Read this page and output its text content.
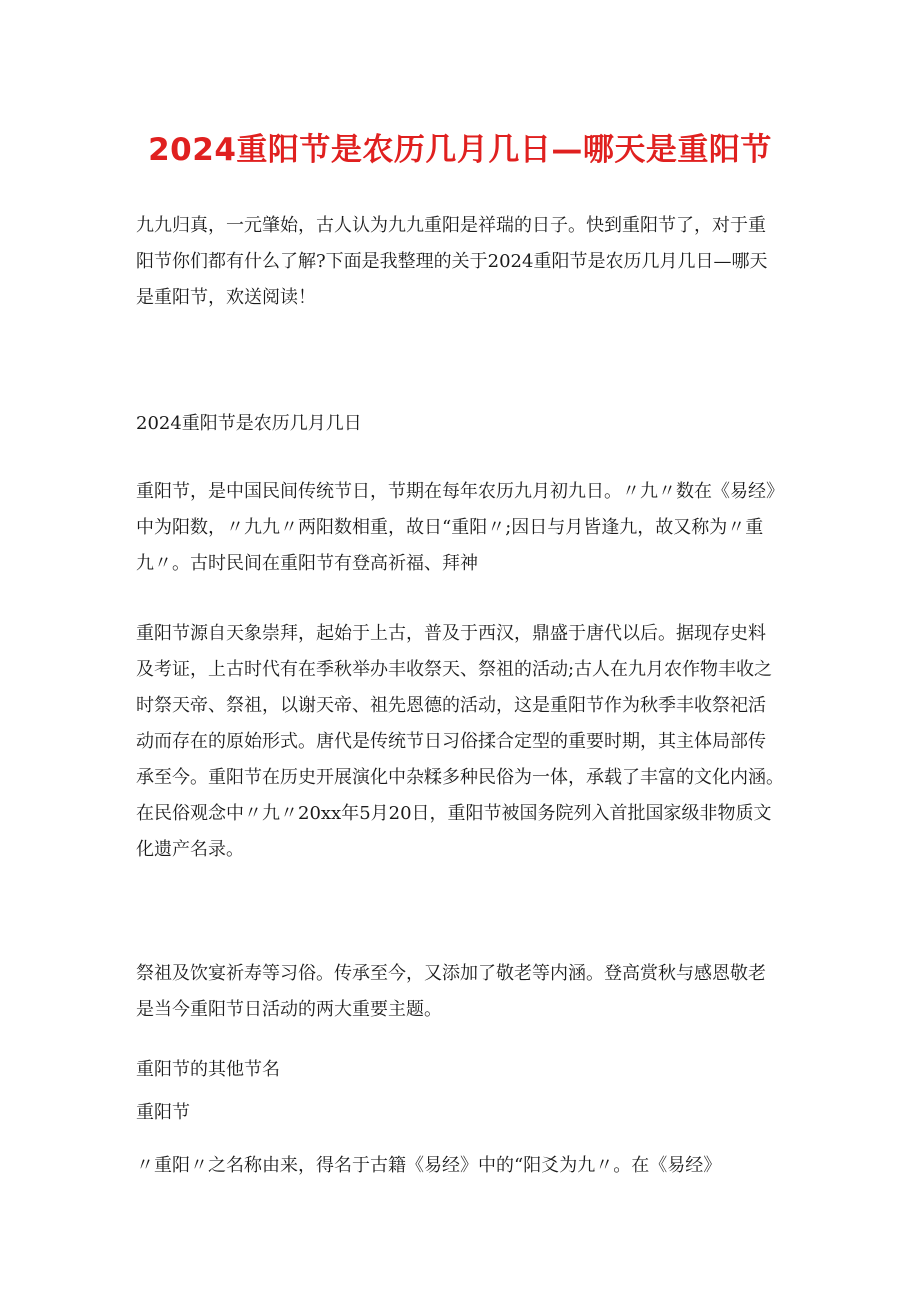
2024重阳节是农历几月几日—哪天是重阳节

九九归真，一元肇始，古人认为九九重阳是祥瑞的日子。快到重阳节了，对于重
阳节你们都有什么了解?下面是我整理的关于2024重阳节是农历几月几日—哪天
是重阳节，欢送阅读！

2024重阳节是农历几月几日

重阳节，是中国民间传统节日，节期在每年农历九月初九日。〃九〃数在《易经》
中为阳数，〃九九〃两阳数相重，故日“重阳〃;因日与月皆逢九，故又称为〃重
九〃。古时民间在重阳节有登高祈福、拜神

重阳节源自天象崇拜，起始于上古，普及于西汉，鼎盛于唐代以后。据现存史料
及考证，上古时代有在季秋举办丰收祭天、祭祖的活动;古人在九月农作物丰收之
时祭天帝、祭祖，以谢天帝、祖先恩德的活动，这是重阳节作为秋季丰收祭祀活
动而存在的原始形式。唐代是传统节日习俗揉合定型的重要时期，其主体局部传
承至今。重阳节在历史开展演化中杂糅多种民俗为一体，承载了丰富的文化内涵。
在民俗观念中〃九〃20xx年5月20日，重阳节被国务院列入首批国家级非物质文
化遗产名录。

祭祖及饮宴祈寿等习俗。传承至今，又添加了敬老等内涵。登高赏秋与感恩敬老
是当今重阳节日活动的两大重要主题。

重阳节的其他节名

重阳节

〃重阳〃之名称由来，得名于古籍《易经》中的“阳爻为九〃。在《易经》
